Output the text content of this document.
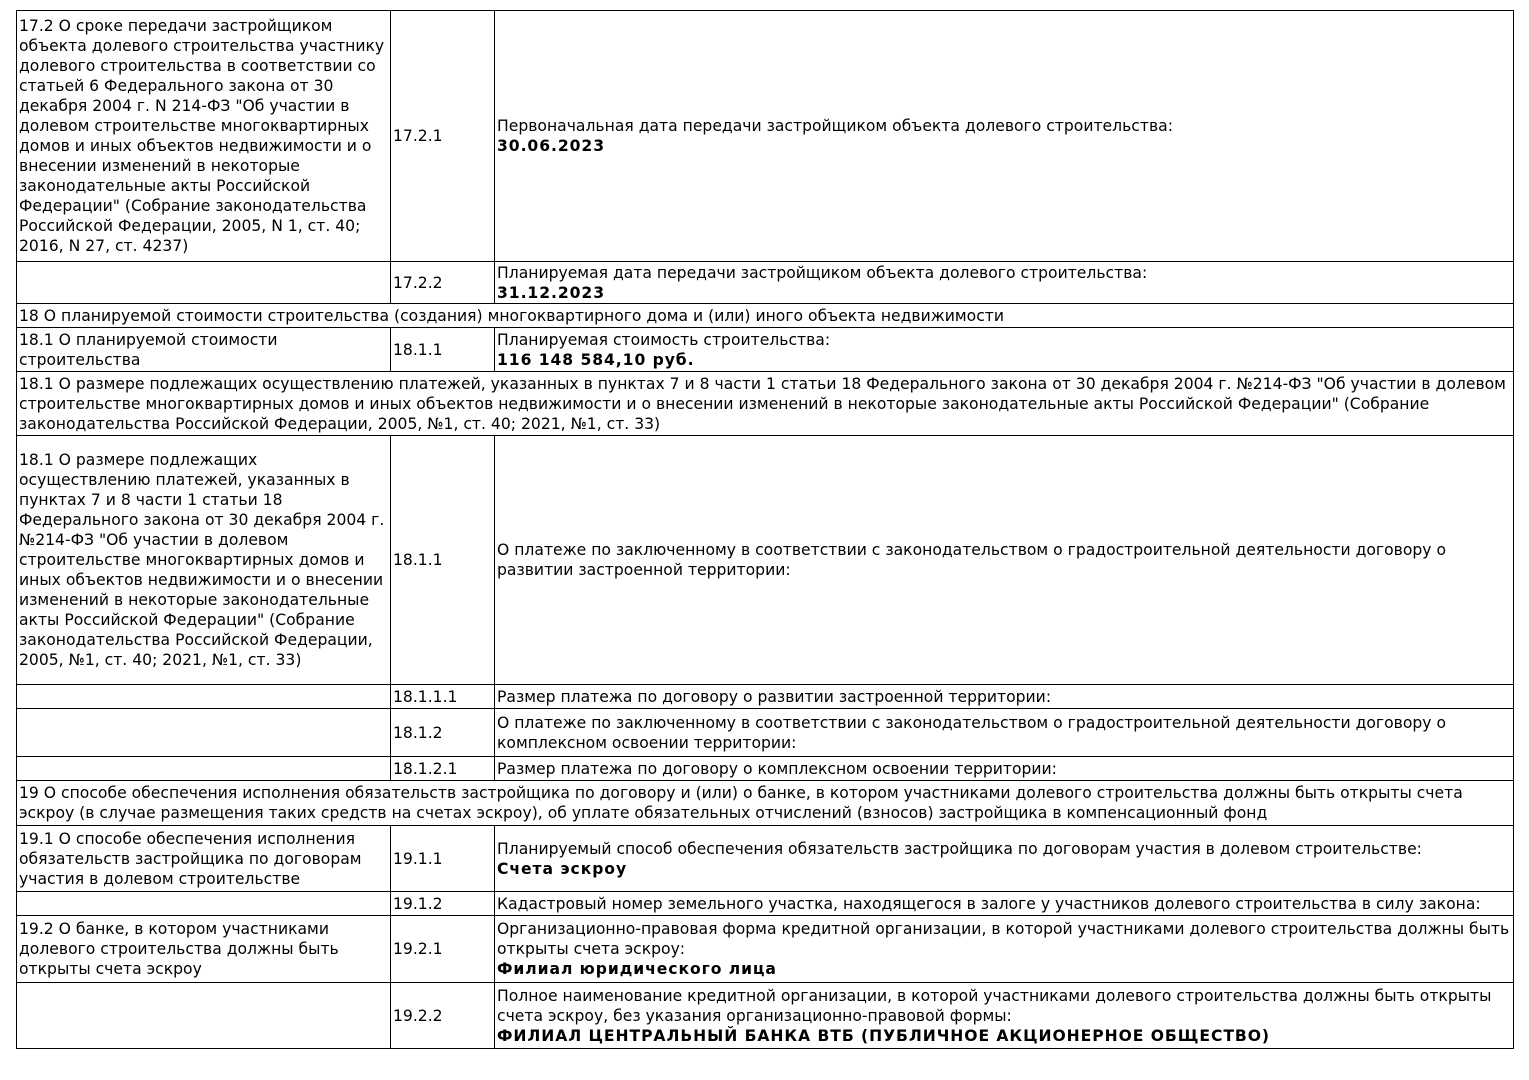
17.2 О сроке передачи застройщиком объекта долевого строительства участнику долевого строительства в соответствии со статьей 6 Федерального закона от 30 декабря 2004 г. N 214-ФЗ "Об участии в долевом строительстве многоквартирных домов и иных объектов недвижимости и о внесении изменений в некоторые законодательные акты Российской Федерации" (Собрание законодательства Российской Федерации, 2005, N 1, ст. 40; 2016, N 27, ст. 4237)	17.2.1	Первоначальная дата передачи застройщиком объекта долевого строительства:
30.06.2023

	17.2.2	Планируемая дата передачи застройщиком объекта долевого строительства:
31.12.2023

18 О планируемой стоимости строительства (создания) многоквартирного дома и (или) иного объекта недвижимости		
18.1 О планируемой стоимости строительства	18.1.1	Планируемая стоимость строительства:
116 148 584,10 руб.

18.1 О размере подлежащих осуществлению платежей, указанных в пунктах 7 и 8 части 1 статьи 18 Федерального закона от 30 декабря 2004 г. №214-ФЗ "Об участии в долевом строительстве многоквартирных домов и иных объектов недвижимости и о внесении изменений в некоторые законодательные акты Российской Федерации" (Собрание законодательства Российской Федерации, 2005, №1, ст. 40; 2021, №1, ст. 33)		
18.1 О размере подлежащих осуществлению платежей, указанных в пунктах 7 и 8 части 1 статьи 18 Федерального закона от 30 декабря 2004 г. №214-ФЗ "Об участии в долевом строительстве многоквартирных домов и иных объектов недвижимости и о внесении изменений в некоторые законодательные акты Российской Федерации" (Собрание законодательства Российской Федерации, 2005, №1, ст. 40; 2021, №1, ст. 33)	18.1.1	О платеже по заключенному в соответствии с законодательством о градостроительной деятельности договору о развитии застроенной территории:
	18.1.1.1	Размер платежа по договору о развитии застроенной территории:
	18.1.2	О платеже по заключенному в соответствии с законодательством о градостроительной деятельности договору о комплексном освоении территории:
	18.1.2.1	Размер платежа по договору о комплексном освоении территории:
19 О способе обеспечения исполнения обязательств застройщика по договору и (или) о банке, в котором участниками долевого строительства должны быть открыты счета эскроу (в случае размещения таких средств на счетах эскроу), об уплате обязательных отчислений (взносов) застройщика в компенсационный фонд		
19.1 О способе обеспечения исполнения обязательств застройщика по договорам участия в долевом строительстве	19.1.1	Планируемый способ обеспечения обязательств застройщика по договорам участия в долевом строительстве:
Счета эскроу

	19.1.2	Кадастровый номер земельного участка, находящегося в залоге у участников долевого строительства в силу закона:
19.2 О банке, в котором участниками долевого строительства должны быть открыты счета эскроу	19.2.1	Организационно-правовая форма кредитной организации, в которой участниками долевого строительства должны быть открыты счета эскроу:
Филиал юридического лица

	19.2.2	Полное наименование кредитной организации, в которой участниками долевого строительства должны быть открыты счета эскроу, без указания организационно-правовой формы:
ФИЛИАЛ ЦЕНТРАЛЬНЫЙ БАНКА ВТБ (ПУБЛИЧНОЕ АКЦИОНЕРНОЕ ОБЩЕСТВО)
